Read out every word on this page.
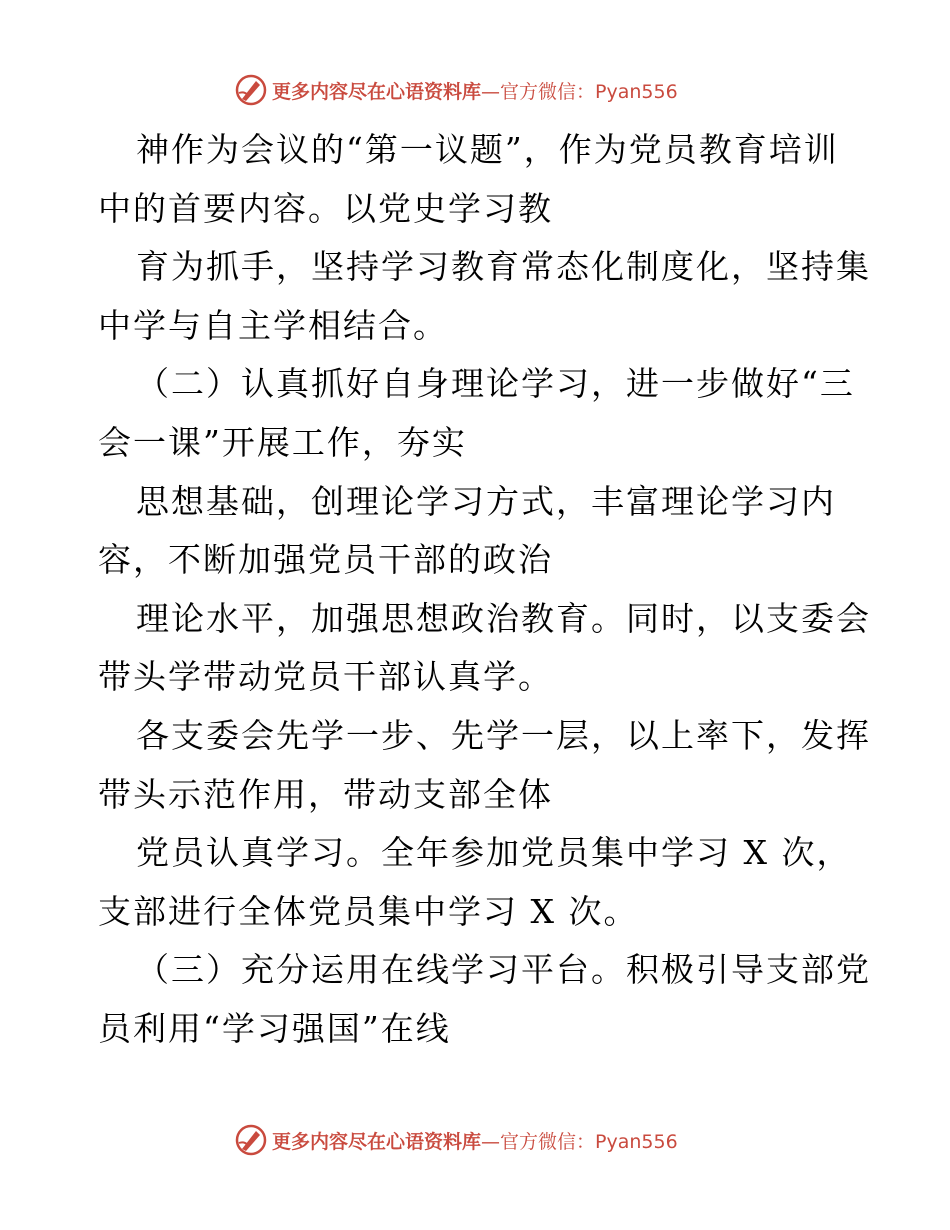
更多内容尽在心语资料库—官方微信：Pyan556
神作为会议的“第一议题”，作为党员教育培训
中的首要内容。以党史学习教
育为抓手，坚持学习教育常态化制度化，坚持集
中学与自主学相结合。
（二）认真抓好自身理论学习，进一步做好“三
会一课”开展工作，夯实
思想基础，创理论学习方式，丰富理论学习内
容，不断加强党员干部的政治
理论水平，加强思想政治教育。同时，以支委会
带头学带动党员干部认真学。
各支委会先学一步、先学一层，以上率下，发挥
带头示范作用，带动支部全体
党员认真学习。全年参加党员集中学习 X 次，
支部进行全体党员集中学习 X 次。
（三）充分运用在线学习平台。积极引导支部党
员利用“学习强国”在线
更多内容尽在心语资料库—官方微信：Pyan556
